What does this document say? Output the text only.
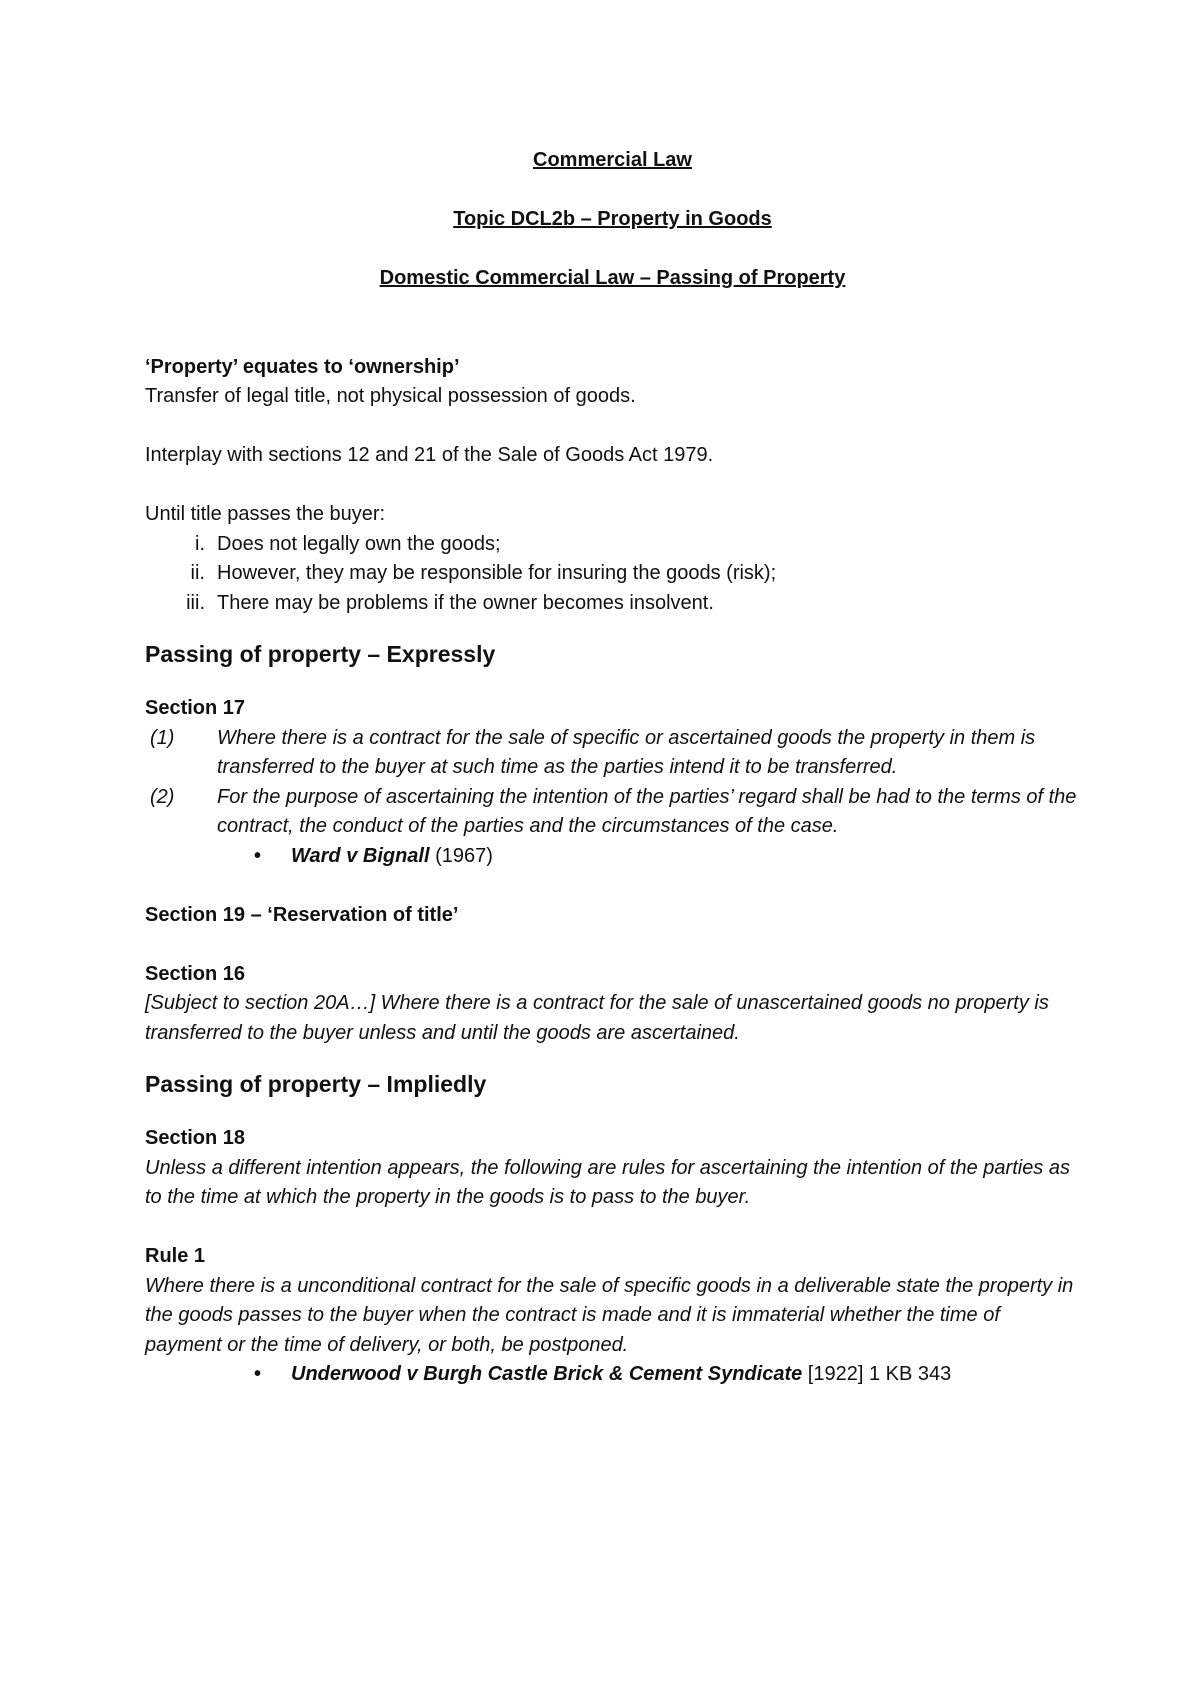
Commercial Law

Topic DCL2b – Property in Goods

Domestic Commercial Law – Passing of Property

‘Property’ equates to ‘ownership’

Transfer of legal title, not physical possession of goods.

Interplay with sections 12 and 21 of the Sale of Goods Act 1979.

Until title passes the buyer:

i. Does not legally own the goods;
ii. However, they may be responsible for insuring the goods (risk);
iii. There may be problems if the owner becomes insolvent.

Passing of property – Expressly

Section 17

(1) Where there is a contract for the sale of specific or ascertained goods the property in them is transferred to the buyer at such time as the parties intend it to be transferred.
(2) For the purpose of ascertaining the intention of the parties’ regard shall be had to the terms of the contract, the conduct of the parties and the circumstances of the case.
• Ward v Bignall (1967)

Section 19 – ‘Reservation of title’

Section 16

[Subject to section 20A…] Where there is a contract for the sale of unascertained goods no property is transferred to the buyer unless and until the goods are ascertained.

Passing of property – Impliedly

Section 18

Unless a different intention appears, the following are rules for ascertaining the intention of the parties as to the time at which the property in the goods is to pass to the buyer.

Rule 1

Where there is a unconditional contract for the sale of specific goods in a deliverable state the property in the goods passes to the buyer when the contract is made and it is immaterial whether the time of payment or the time of delivery, or both, be postponed.

• Underwood v Burgh Castle Brick & Cement Syndicate [1922] 1 KB 343
